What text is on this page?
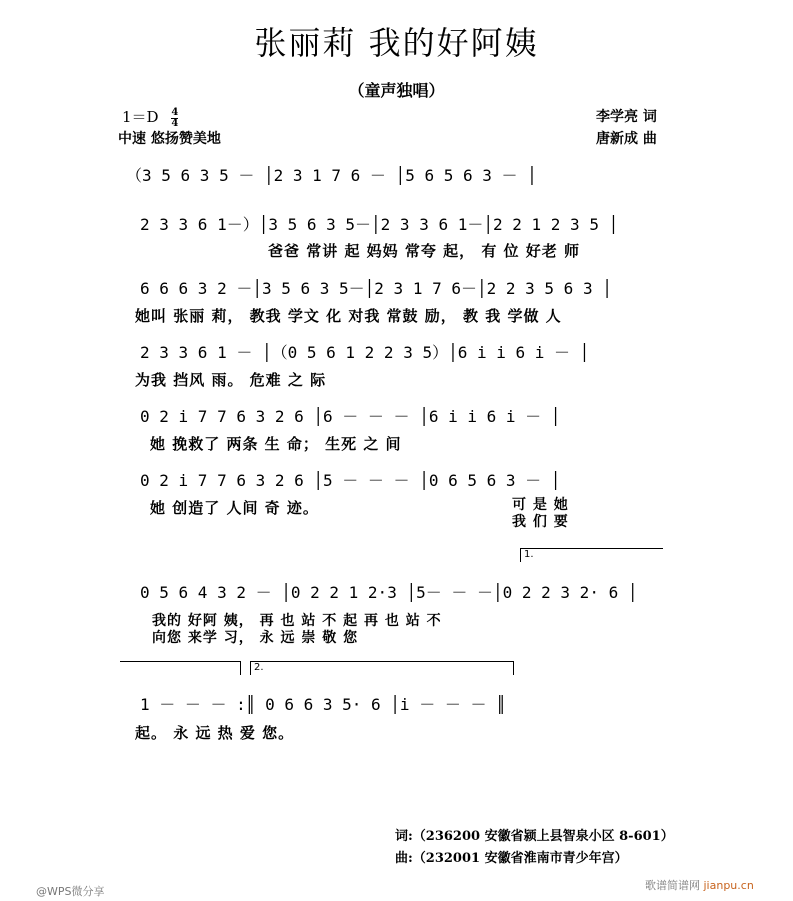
张丽莉 我的好阿姨
（童声独唱）
$1=D \frac{4}{4}$
中速 悠扬赞美地
李学亮 词
唐新成 曲
（3 5 6 3 5 － │2 3 1 7 6 － │5 6 5 6 3 － │
2 3 3 6 1－）│3 5 6 3 5－│2 3 3 6 1－│2 2 1 2 3 5 │
爸爸 常讲 起 妈妈 常夸 起， 有 位 好老 师
6 6 6 3 2 －│3 5 6 3 5－│2 3 1 7 6－│2 2 3 5 6 3 │
她叫 张丽 莉， 教我 学文 化 对我 常鼓 励， 教 我 学做 人
2 3 3 6 1 － │（0 5 6 1 2 2 3 5）│6 i i 6 i － │
为我 挡风 雨。 危难 之 际
0 2 i 7 7 6 3 2 6 │6 － － － │6 i i 6 i － │
她 挽救了 两条 生 命； 生死 之 间
0 2 i 7 7 6 3 2 6 │5 － － － │0 6 5 6 3 － │
她 创造了 人间 奇 迹。	可 是 她
我 们 要
1.
0 5 6 4 3 2 － │0 2 2 1 2·3 │5－ － －│0 2 2 3 2· 6 │
我的 好阿 姨， 再 也 站 不 起 再 也 站 不
向您 来学 习， 永 远 崇 敬 您
2.
1 － － － :║ 0 6 6 3 5· 6 │i － － － ║
起。 永 远 热 爱 您。
词:（236200 安徽省颍上县智泉小区 8-601）
曲:（232001 安徽省淮南市青少年宫）
@WPS微分享	歌谱简谱网 jianpu.cn
